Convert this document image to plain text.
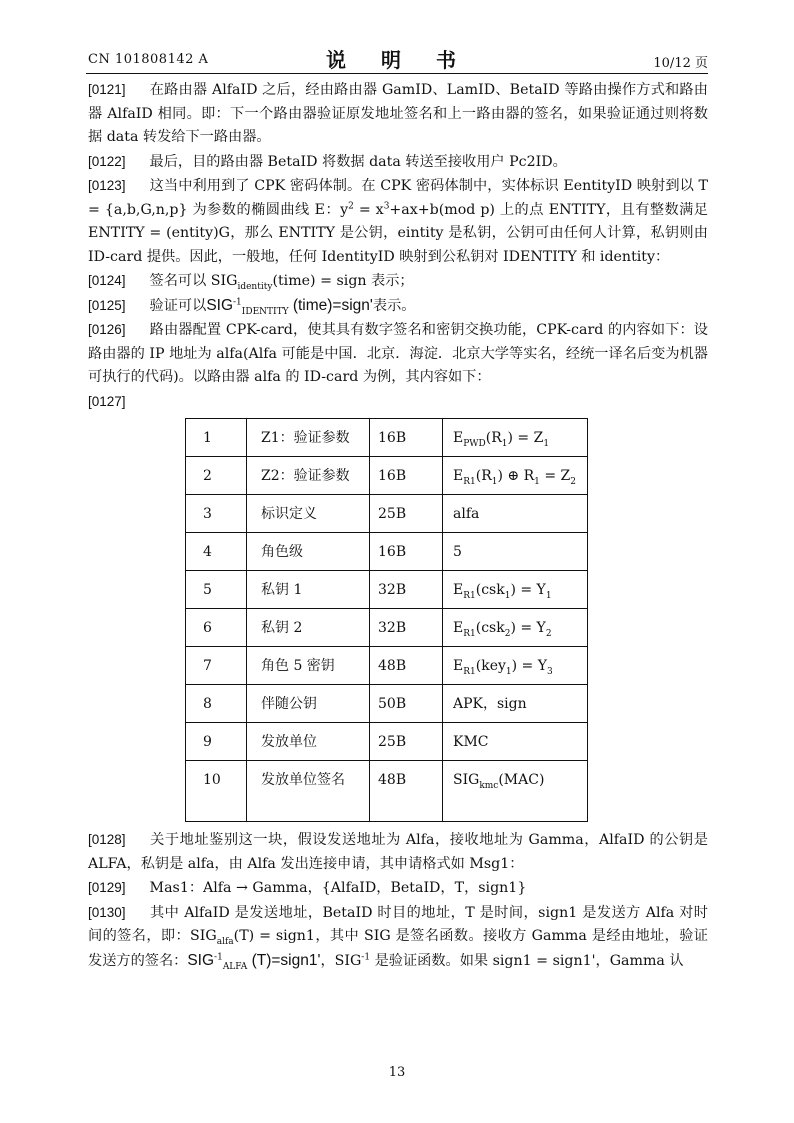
CN 101808142 A	说 明 书	10/12 页

[0121] 在路由器 AlfaID 之后，经由路由器 GamID、LamID、BetaID 等路由操作方式和路由器 AlfaID 相同。即：下一个路由器验证原发地址签名和上一路由器的签名，如果验证通过则将数据 data 转发给下一路由器。

[0122] 最后，目的路由器 BetaID 将数据 data 转送至接收用户 Pc2ID。

[0123] 这当中利用到了 CPK 密码体制。在 CPK 密码体制中，实体标识 EentityID 映射到以 T = {a,b,G,n,p} 为参数的椭圆曲线 E：$y^2 = x^3+ax+b(mod$ p) 上的点 ENTITY，且有整数满足 ENTITY = (entity)G，那么 ENTITY 是公钥，eintity 是私钥，公钥可由任何人计算，私钥则由 ID-card 提供。因此，一般地，任何 IdentityID 映射到公私钥对 IDENTITY 和 identity：

[0124] 签名可以 $SIG_{identity}(time)$ = sign 表示；

[0125] 验证可以$SIG^{-1}_{IDENTITY}$ (time)=sign'表示。

[0126] 路由器配置 CPK-card，使其具有数字签名和密钥交换功能，CPK-card 的内容如下：设路由器的 IP 地址为 alfa(Alfa 可能是中国．北京．海淀．北京大学等实名，经统一译名后变为机器可执行的代码)。以路由器 alfa 的 ID-card 为例，其内容如下：

[0127]

1	Z1：验证参数	16B	$E_{PWD}(R_1) = Z_1$
2	Z2：验证参数	16B	$E_{R1}(R_1)$ ⊕ $R_1 = Z_2$
3	标识定义	25B	alfa
4	角色级	16B	5
5	私钥 1	32B	$E_{R1}(csk_1) = Y_1$
6	私钥 2	32B	$E_{R1}(csk_2) = Y_2$
7	角色 5 密钥	48B	$E_{R1}(key_1) = Y_3$
8	伴随公钥	50B	APK，sign
9	发放单位	25B	KMC
10	发放单位签名	48B	$SIG_{kmc}(MAC)$

[0128] 关于地址鉴别这一块，假设发送地址为 Alfa，接收地址为 Gamma，AlfaID 的公钥是 ALFA，私钥是 alfa，由 Alfa 发出连接申请，其申请格式如 Msg1：

[0129] Mas1：Alfa → Gamma，{AlfaID，BetaID，T，sign1}

[0130] 其中 AlfaID 是发送地址，BetaID 时目的地址，T 是时间，sign1 是发送方 Alfa 对时间的签名，即：$SIG_{alfa}(T)$ = sign1，其中 SIG 是签名函数。接收方 Gamma 是经由地址，验证发送方的签名：$SIG^{-1}_{ALFA}$ (T)=sign1'，$SIG^{-1}$ 是验证函数。如果 sign1 = sign1'，Gamma 认

13
